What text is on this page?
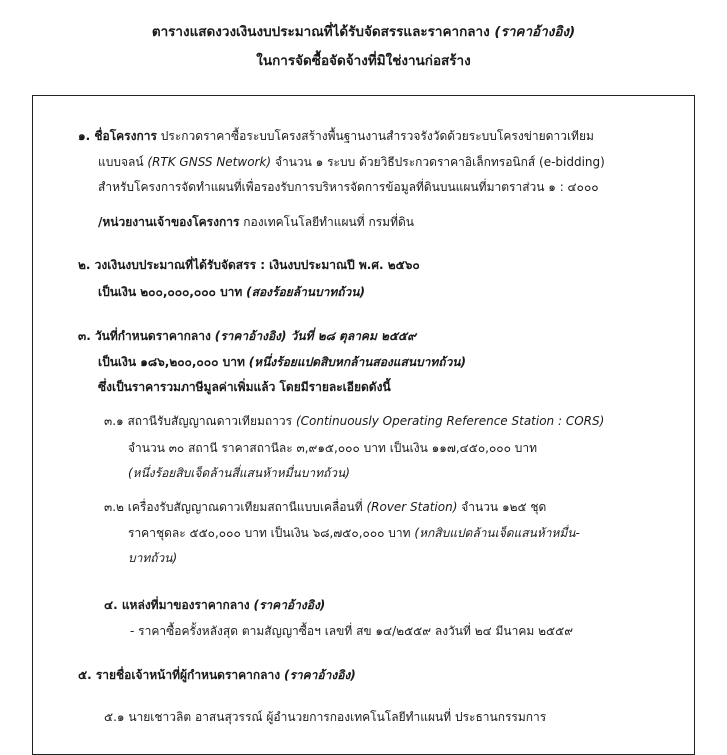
ตารางแสดงวงเงินงบประมาณที่ได้รับจัดสรรและราคากลาง (ราคาอ้างอิง)
ในการจัดซื้อจัดจ้างที่มิใช่งานก่อสร้าง
๑. ชื่อโครงการ ประกวดราคาซื้อระบบโครงสร้างพื้นฐานงานสำรวจรังวัดด้วยระบบโครงข่ายดาวเทียม
แบบจลน์ (RTK GNSS Network) จำนวน ๑ ระบบ ด้วยวิธีประกวดราคาอิเล็กทรอนิกส์ (e-bidding)
สำหรับโครงการจัดทำแผนที่เพื่อรองรับการบริหารจัดการข้อมูลที่ดินบนแผนที่มาตราส่วน ๑ : ๔๐๐๐
/หน่วยงานเจ้าของโครงการ กองเทคโนโลยีทำแผนที่ กรมที่ดิน
๒. วงเงินงบประมาณที่ได้รับจัดสรร : เงินงบประมาณปี พ.ศ. ๒๕๖๐
เป็นเงิน ๒๐๐,๐๐๐,๐๐๐ บาท (สองร้อยล้านบาทถ้วน)
๓. วันที่กำหนดราคากลาง (ราคาอ้างอิง) วันที่ ๒๘ ตุลาคม ๒๕๕๙
เป็นเงิน ๑๘๖,๒๐๐,๐๐๐ บาท (หนึ่งร้อยแปดสิบหกล้านสองแสนบาทถ้วน)
ซึ่งเป็นราคารวมภาษีมูลค่าเพิ่มแล้ว โดยมีรายละเอียดดังนี้
๓.๑ สถานีรับสัญญาณดาวเทียมถาวร (Continuously Operating Reference Station : CORS)
จำนวน ๓๐ สถานี ราคาสถานีละ ๓,๙๑๕,๐๐๐ บาท เป็นเงิน ๑๑๗,๔๕๐,๐๐๐ บาท
(หนึ่งร้อยสิบเจ็ดล้านสี่แสนห้าหมื่นบาทถ้วน)
๓.๒ เครื่องรับสัญญาณดาวเทียมสถานีแบบเคลื่อนที่ (Rover Station) จำนวน ๑๒๕ ชุด
ราคาชุดละ ๕๕๐,๐๐๐ บาท เป็นเงิน ๖๘,๗๕๐,๐๐๐ บาท (หกสิบแปดล้านเจ็ดแสนห้าหมื่น-
บาทถ้วน)
๔. แหล่งที่มาของราคากลาง (ราคาอ้างอิง)
- ราคาซื้อครั้งหลังสุด ตามสัญญาซื้อฯ เลขที่ สข ๑๔/๒๕๕๙ ลงวันที่ ๒๔ มีนาคม ๒๕๕๙
๕. รายชื่อเจ้าหน้าที่ผู้กำหนดราคากลาง (ราคาอ้างอิง)
๕.๑ นายเชาวลิต อาสนสุวรรณ์ ผู้อำนวยการกองเทคโนโลยีทำแผนที่ ประธานกรรมการ
